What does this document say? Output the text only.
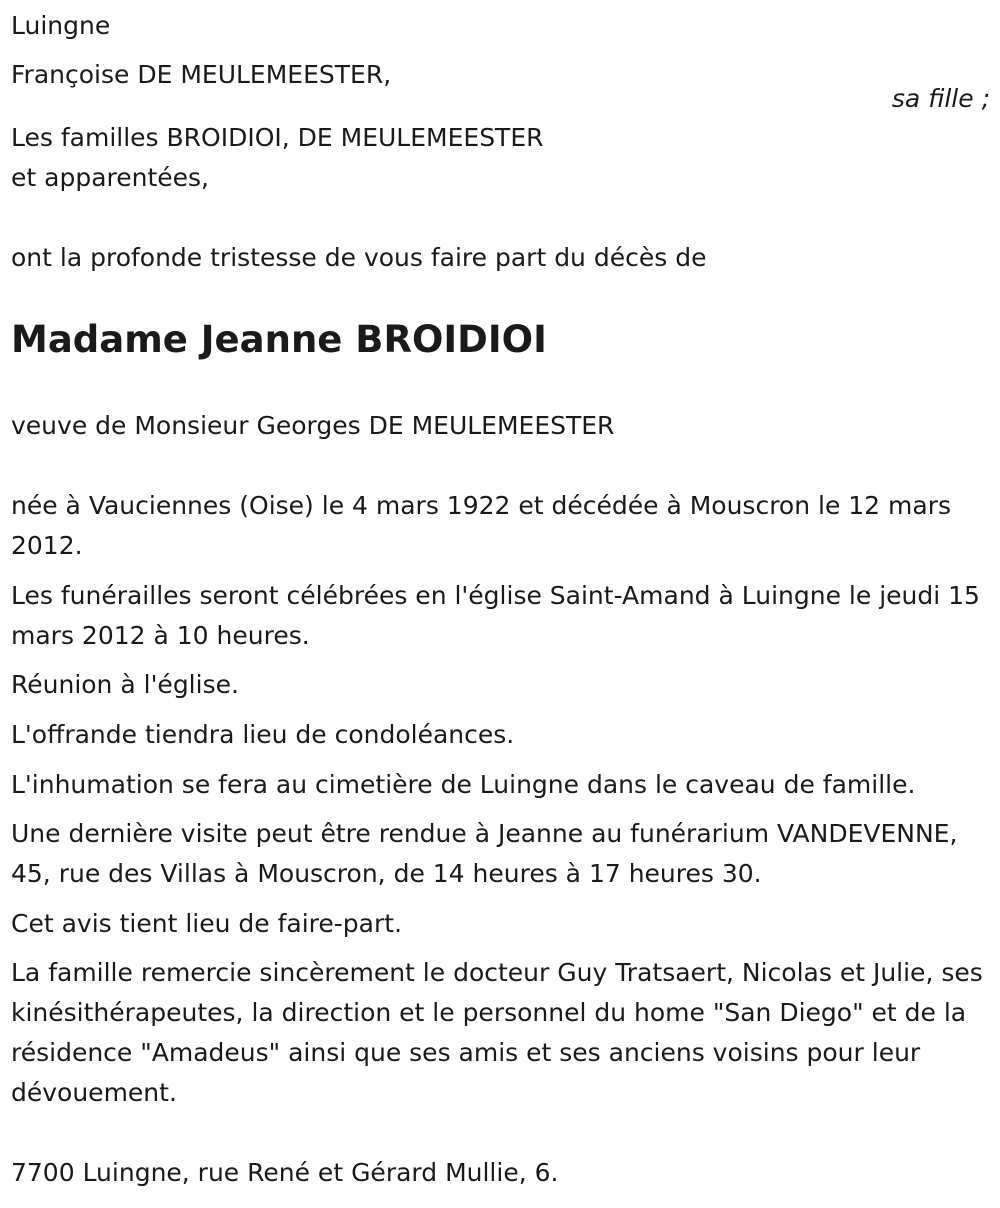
Luingne
Françoise DE MEULEMEESTER,
sa fille ;
Les familles BROIDIOI, DE MEULEMEESTER
et apparentées,
ont la profonde tristesse de vous faire part du décès de
Madame Jeanne BROIDIOI
veuve de Monsieur Georges DE MEULEMEESTER
née à Vauciennes (Oise) le 4 mars 1922 et décédée à Mouscron le 12 mars 2012.
Les funérailles seront célébrées en l'église Saint-Amand à Luingne le jeudi 15 mars 2012 à 10 heures.
Réunion à l'église.
L'offrande tiendra lieu de condoléances.
L'inhumation se fera au cimetière de Luingne dans le caveau de famille.
Une dernière visite peut être rendue à Jeanne au funérarium VANDEVENNE, 45, rue des Villas à Mouscron, de 14 heures à 17 heures 30.
Cet avis tient lieu de faire-part.
La famille remercie sincèrement le docteur Guy Tratsaert, Nicolas et Julie, ses kinésithérapeutes, la direction et le personnel du home "San Diego" et de la résidence "Amadeus" ainsi que ses amis et ses anciens voisins pour leur dévouement.
7700 Luingne, rue René et Gérard Mullie, 6.
